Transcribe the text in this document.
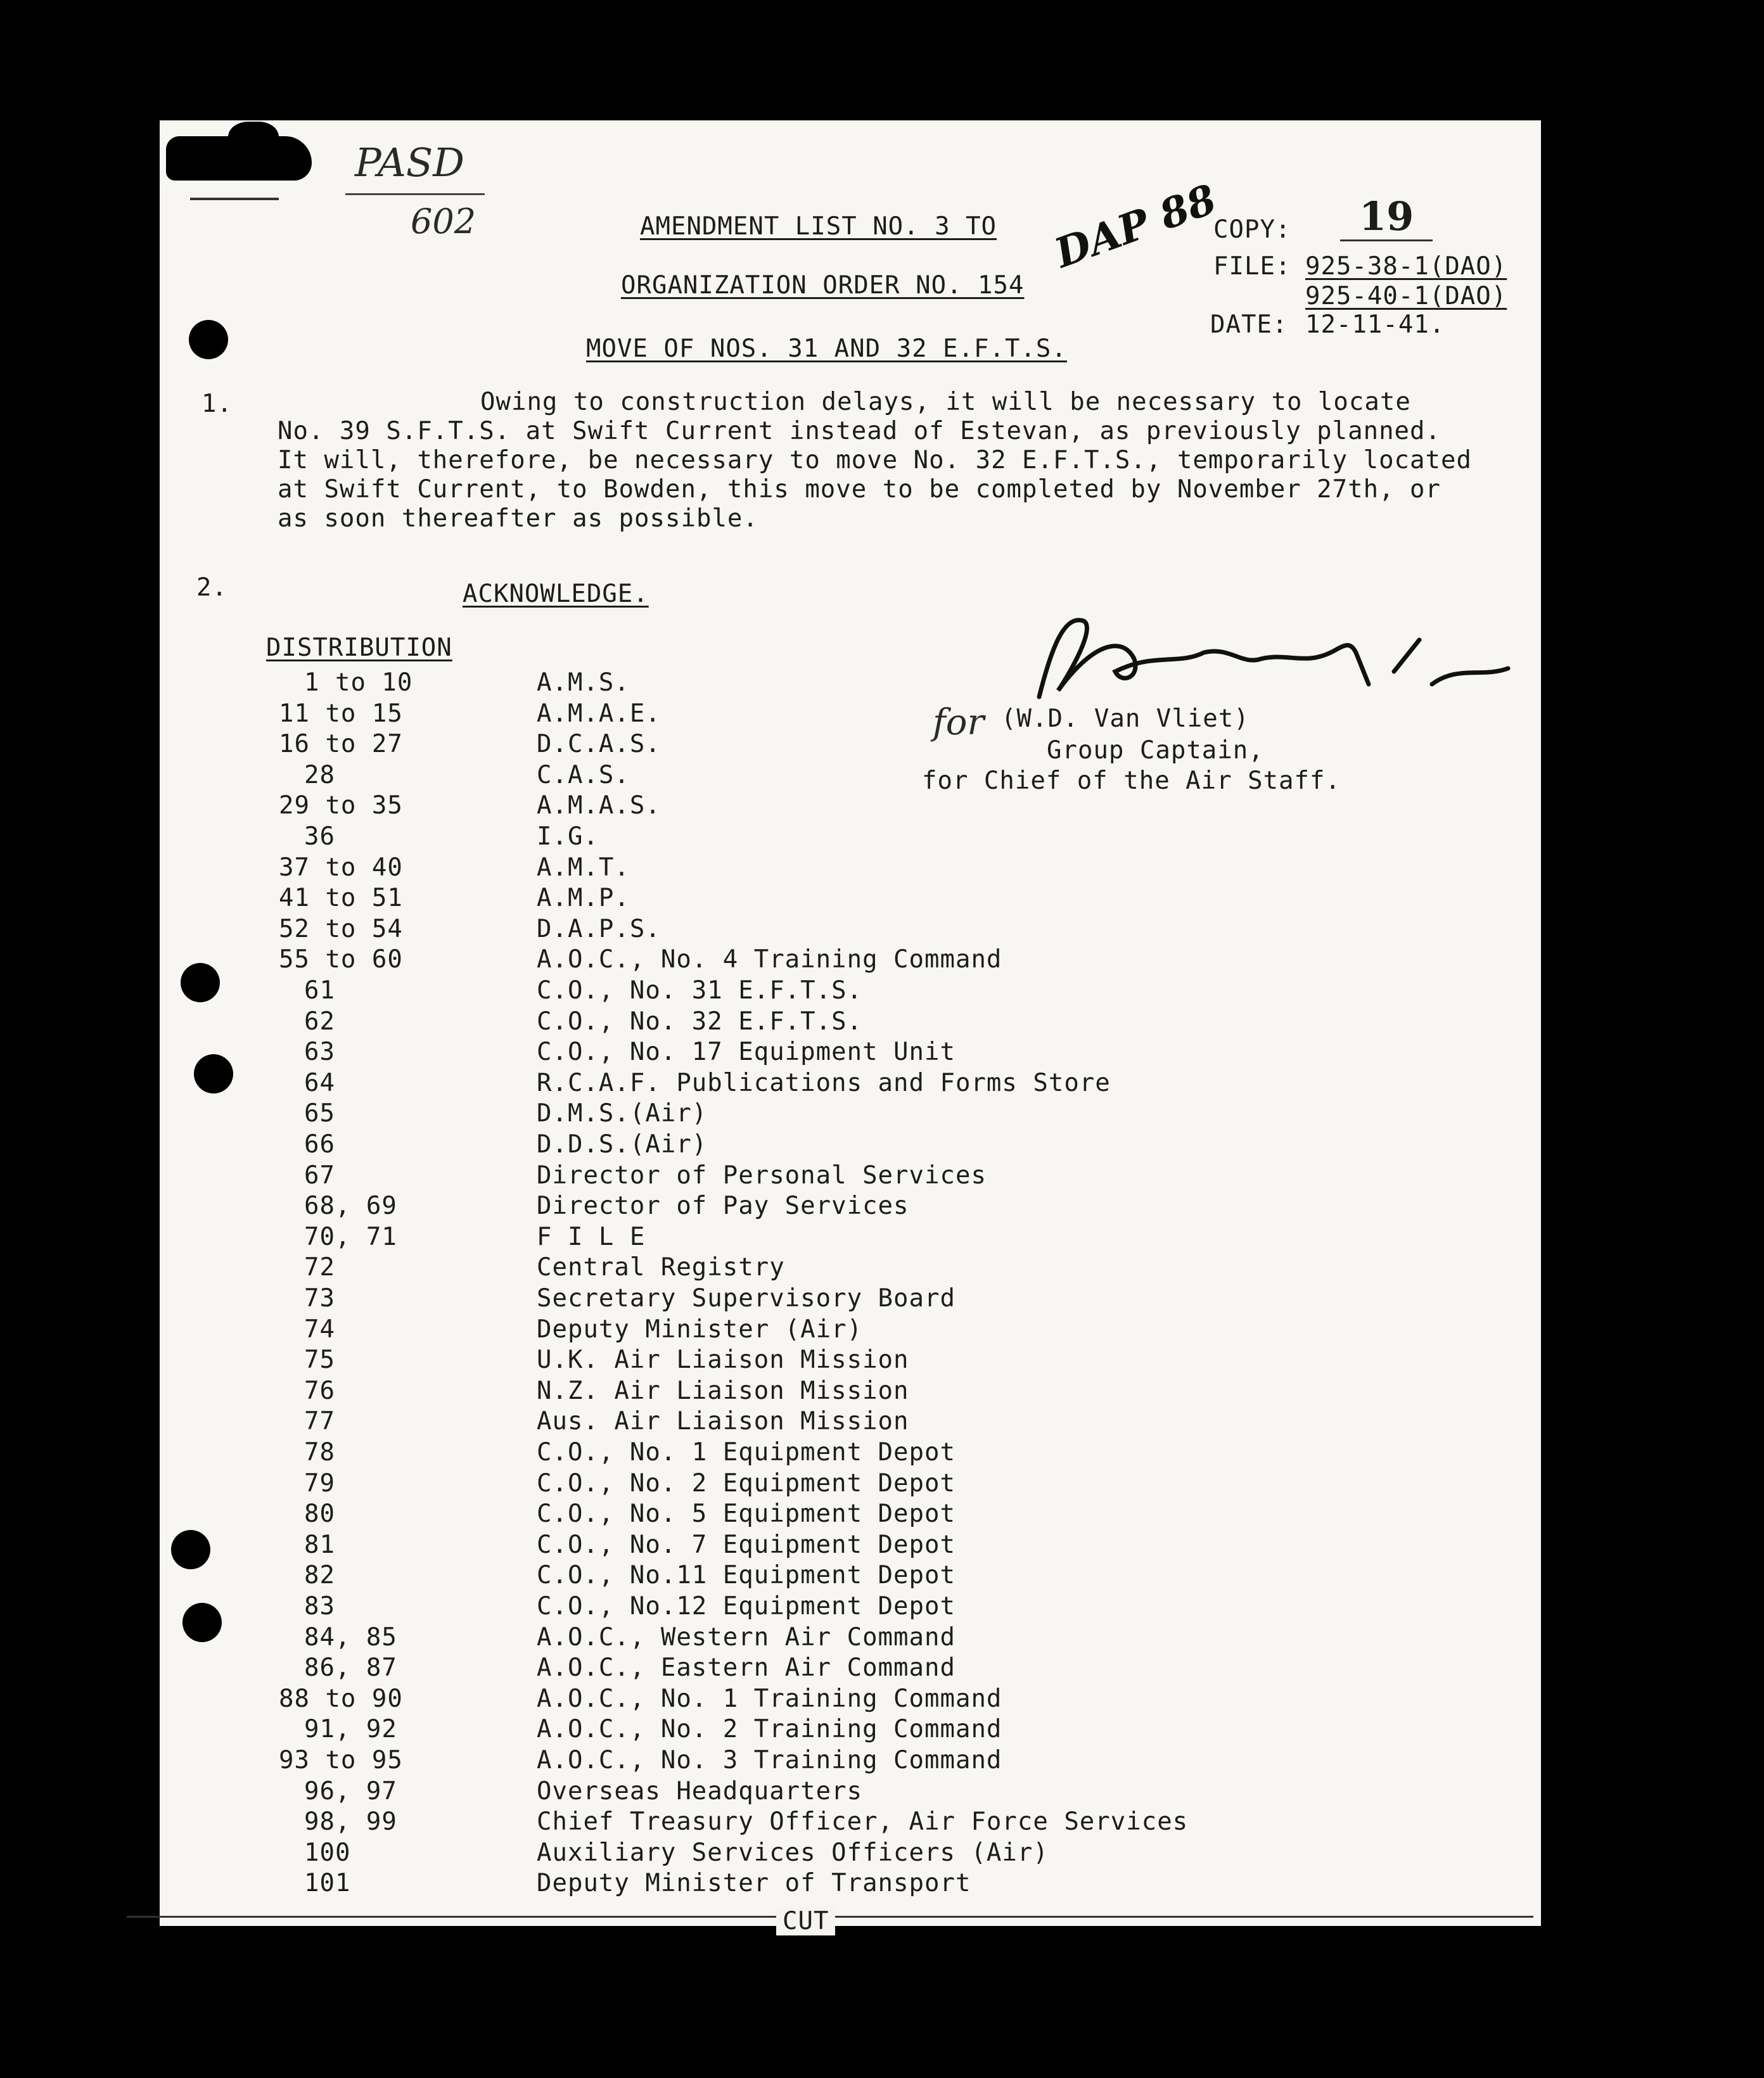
PASD
602	DAP 88
AMENDMENT LIST NO. 3 TO
ORGANIZATION ORDER NO. 154
MOVE OF NOS. 31 AND 32 E.F.T.S.
COPY:	19
FILE: 925-38-1(DAO)
925-40-1(DAO)
DATE: 12-11-41.
1.	Owing to construction delays, it will be necessary to locate

No. 39 S.F.T.S. at Swift Current instead of Estevan, as previously planned.

It will, therefore, be necessary to move No. 32 E.F.T.S., temporarily located

at Swift Current, to Bowden, this move to be completed by November 27th, or

as soon thereafter as possible.

2.	ACKNOWLEDGE.
for (W.D. Van Vliet)
Group Captain,
for Chief of the Air Staff.
DISTRIBUTION
1 to 10	A.M.S.
11 to 15	A.M.A.E.
16 to 27	D.C.A.S.
28	C.A.S.
29 to 35	A.M.A.S.
36	I.G.
37 to 40	A.M.T.
41 to 51	A.M.P.
52 to 54	D.A.P.S.
55 to 60	A.O.C., No. 4 Training Command
61	C.O., No. 31 E.F.T.S.
62	C.O., No. 32 E.F.T.S.
63	C.O., No. 17 Equipment Unit
64	R.C.A.F. Publications and Forms Store
65	D.M.S.(Air)
66	D.D.S.(Air)
67	Director of Personal Services
68, 69	Director of Pay Services
70, 71	F I L E
72	Central Registry
73	Secretary Supervisory Board
74	Deputy Minister (Air)
75	U.K. Air Liaison Mission
76	N.Z. Air Liaison Mission
77	Aus. Air Liaison Mission
78	C.O., No. 1 Equipment Depot
79	C.O., No. 2 Equipment Depot
80	C.O., No. 5 Equipment Depot
81	C.O., No. 7 Equipment Depot
82	C.O., No.11 Equipment Depot
83	C.O., No.12 Equipment Depot
84, 85	A.O.C., Western Air Command
86, 87	A.O.C., Eastern Air Command
88 to 90	A.O.C., No. 1 Training Command
91, 92	A.O.C., No. 2 Training Command
93 to 95	A.O.C., No. 3 Training Command
96, 97	Overseas Headquarters
98, 99	Chief Treasury Officer, Air Force Services
100	Auxiliary Services Officers (Air)
101	Deputy Minister of Transport
CUT
